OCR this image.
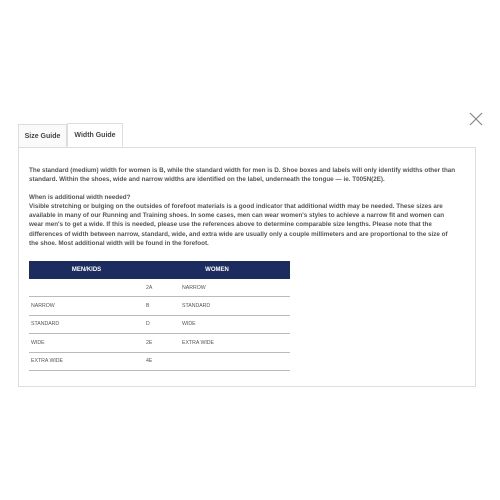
Size Guide	Width Guide

The standard (medium) width for women is B, while the standard width for men is D. Shoe boxes and labels will only identify widths other than standard. Within the shoes, wide and narrow widths are identified on the label, underneath the tongue — ie. T005N(2E).

When is additional width needed?

Visible stretching or bulging on the outsides of forefoot materials is a good indicator that additional width may be needed. These sizes are available in many of our Running and Training shoes. In some cases, men can wear women's styles to achieve a narrow fit and women can wear men's to get a wide. If this is needed, please use the references above to determine comparable size lengths. Please note that the differences of width between narrow, standard, wide, and extra wide are usually only a couple millimeters and are proportional to the size of the shoe. Most additional width will be found in the forefoot.

MEN/KIDS	WOMEN	
	2A	NARROW
NARROW	B	STANDARD
STANDARD	D	WIDE
WIDE	2E	EXTRA WIDE
EXTRA WIDE	4E	
